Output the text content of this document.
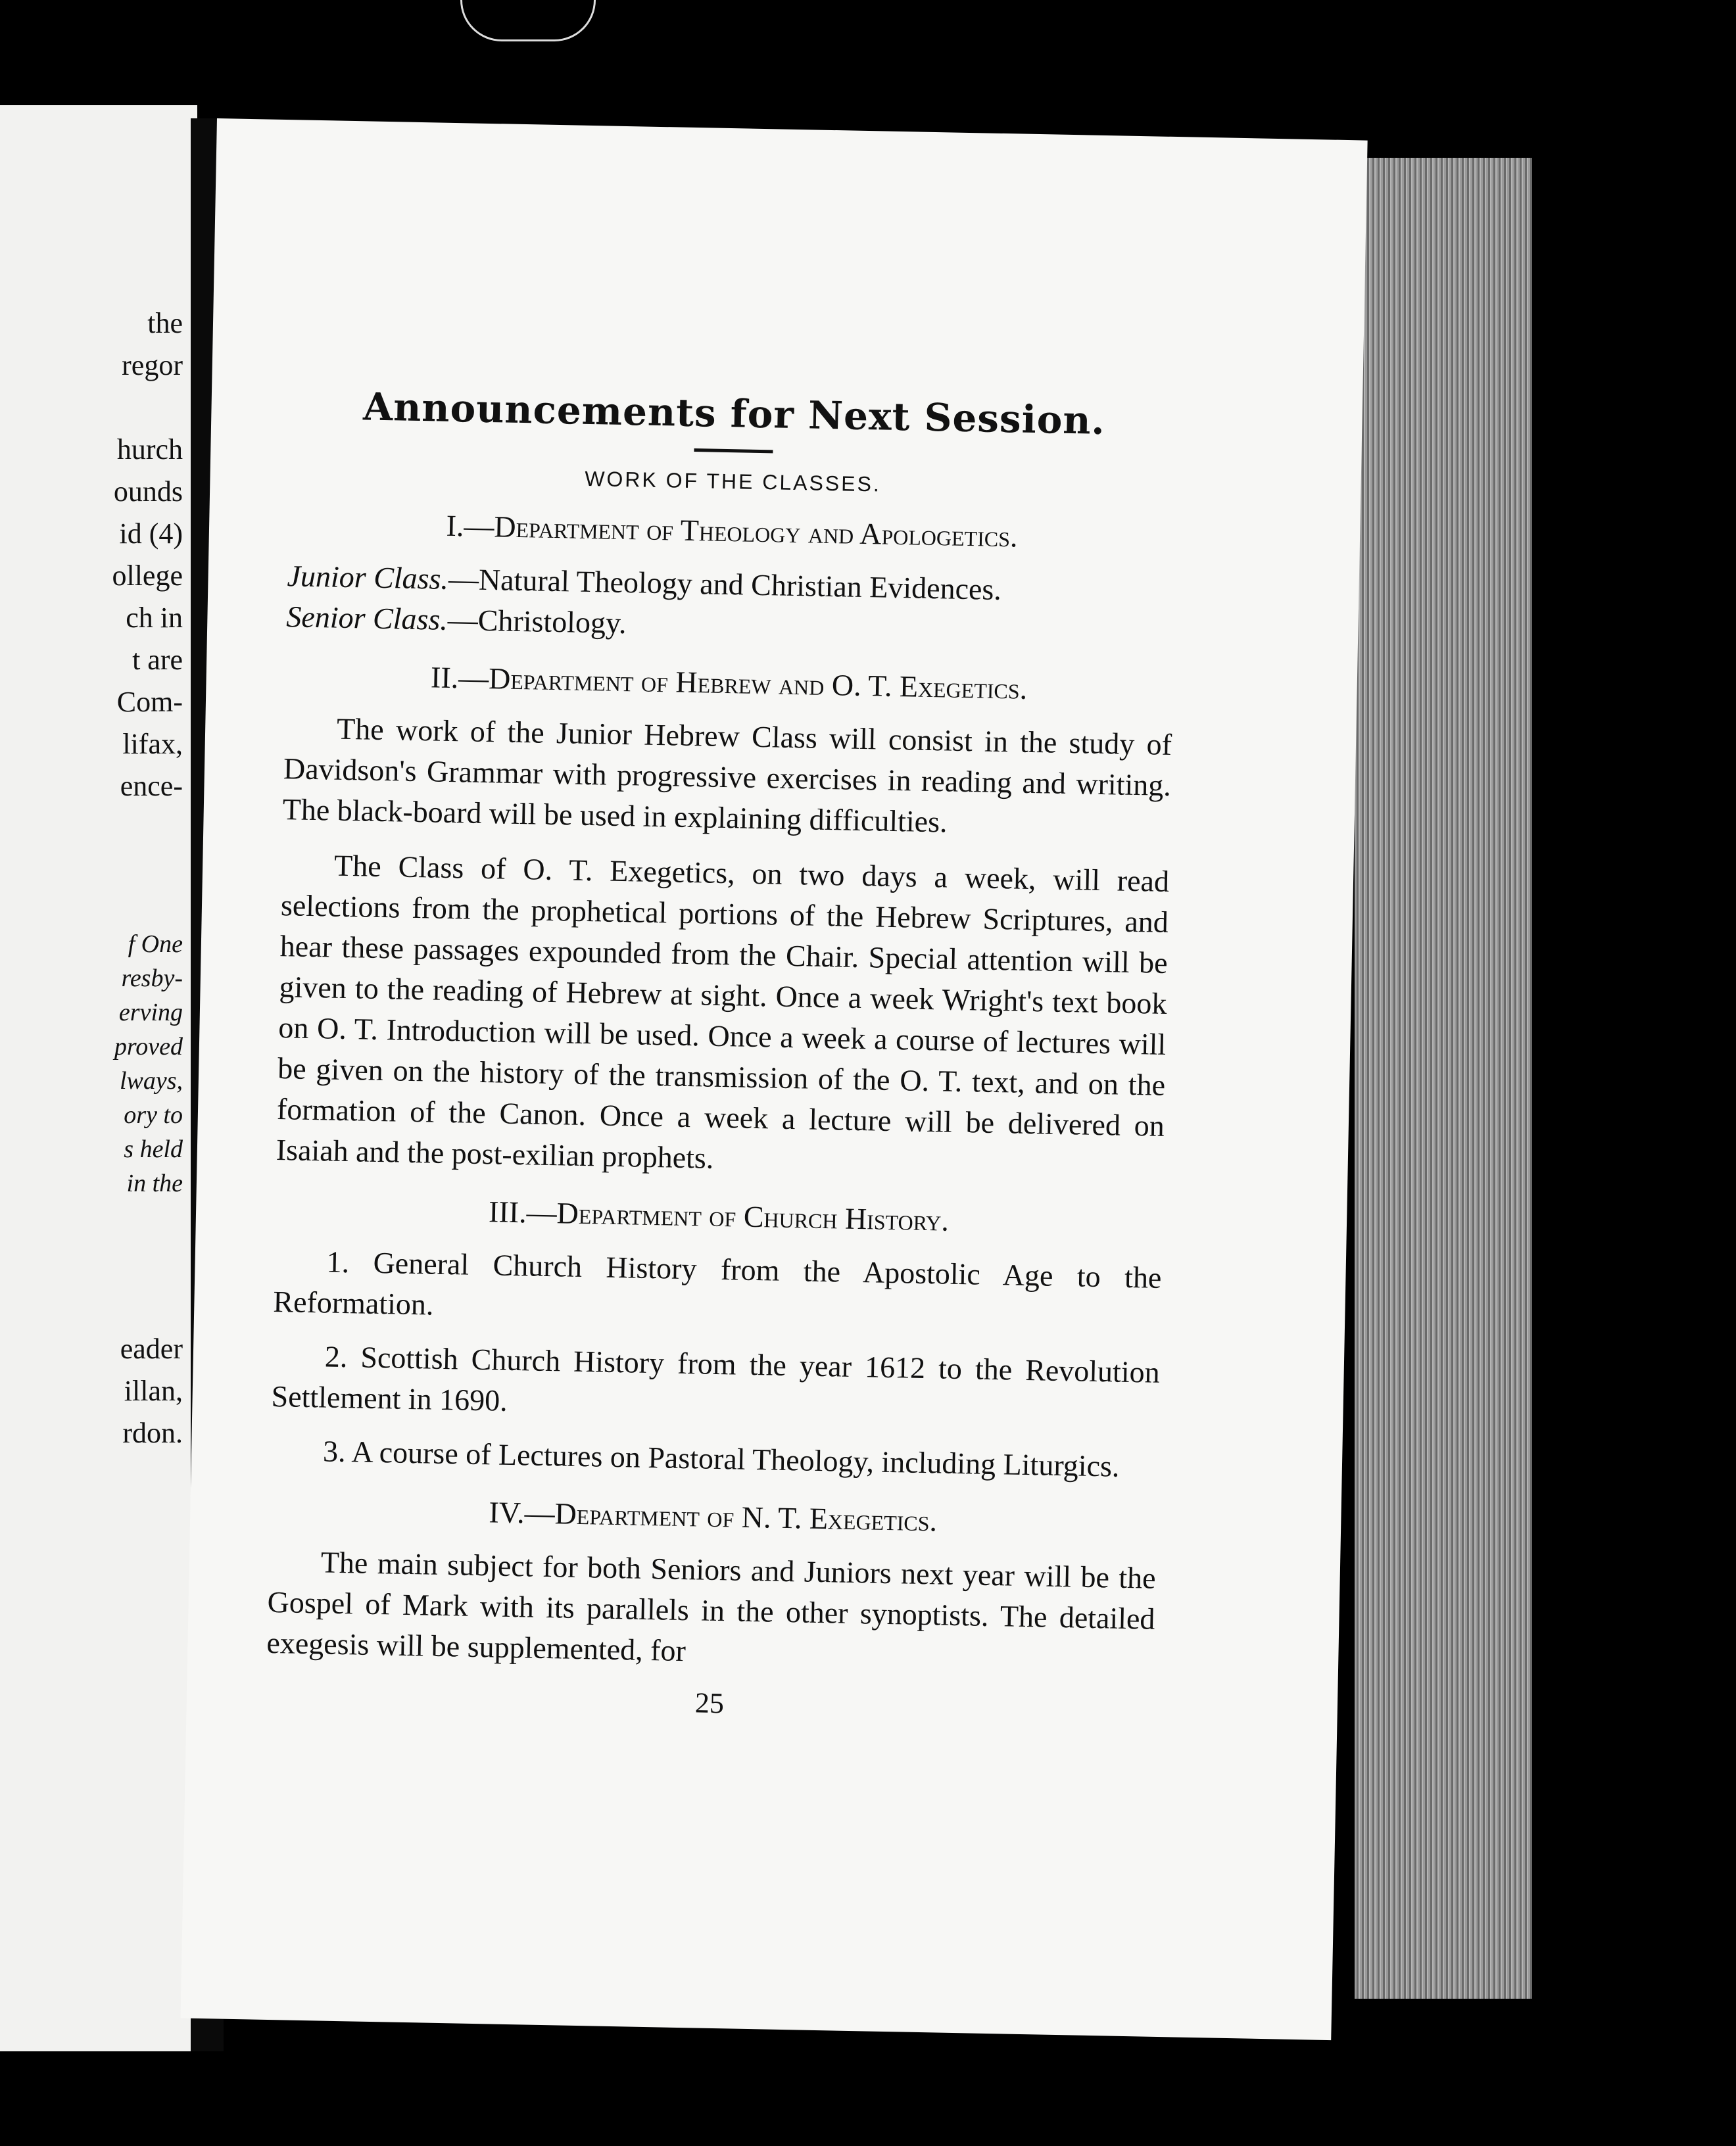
the
regor

hurch
ounds
id (4)
ollege
ch in
t are
Com-
lifax,
ence-
f One
resby-
erving
proved
lways,
ory to
s held
in the
eader
illan,
rdon.
Announcements for Next Session.
WORK OF THE CLASSES.
I.—Department of Theology and Apologetics.

Junior Class.—Natural Theology and Christian Evidences.

Senior Class.—Christology.

II.—Department of Hebrew and O. T. Exegetics.

The work of the Junior Hebrew Class will consist in the study of Davidson's Grammar with progressive exercises in reading and writing. The black-board will be used in explaining difficulties.

The Class of O. T. Exegetics, on two days a week, will read selections from the prophetical portions of the Hebrew Scriptures, and hear these passages expounded from the Chair. Special attention will be given to the reading of Hebrew at sight. Once a week Wright's text book on O. T. Introduction will be used. Once a week a course of lectures will be given on the history of the transmission of the O. T. text, and on the formation of the Canon. Once a week a lecture will be delivered on Isaiah and the post-exilian prophets.

III.—Department of Church History.

1. General Church History from the Apostolic Age to the Reformation.

2. Scottish Church History from the year 1612 to the Revolution Settlement in 1690.

3. A course of Lectures on Pastoral Theology, including Liturgics.

IV.—Department of N. T. Exegetics.

The main subject for both Seniors and Juniors next year will be the Gospel of Mark with its parallels in the other synoptists. The detailed exegesis will be supplemented, for

25
